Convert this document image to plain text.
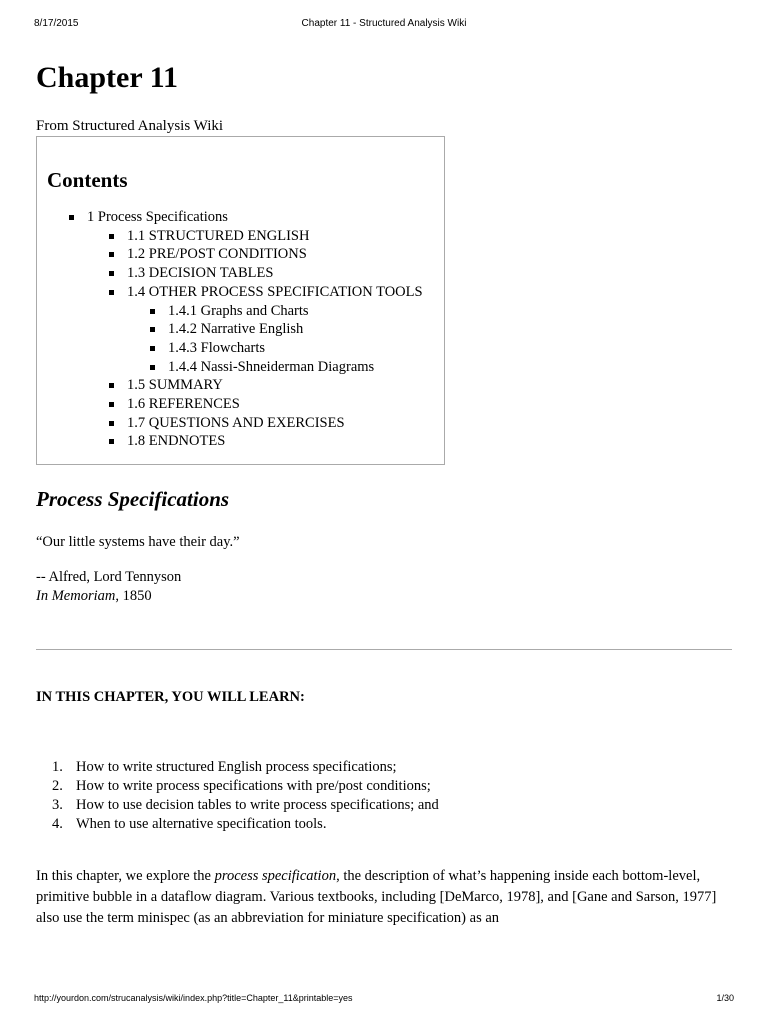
8/17/2015	Chapter 11 - Structured Analysis Wiki
Chapter 11
From Structured Analysis Wiki
Contents
1 Process Specifications
1.1 STRUCTURED ENGLISH
1.2 PRE/POST CONDITIONS
1.3 DECISION TABLES
1.4 OTHER PROCESS SPECIFICATION TOOLS
1.4.1 Graphs and Charts
1.4.2 Narrative English
1.4.3 Flowcharts
1.4.4 Nassi-Shneiderman Diagrams
1.5 SUMMARY
1.6 REFERENCES
1.7 QUESTIONS AND EXERCISES
1.8 ENDNOTES
Process Specifications

“Our little systems have their day.”

-- Alfred, Lord Tennyson
In Memoriam, 1850
IN THIS CHAPTER, YOU WILL LEARN:
1. How to write structured English process specifications;
2. How to write process specifications with pre/post conditions;
3. How to use decision tables to write process specifications; and
4. When to use alternative specification tools.

In this chapter, we explore the process specification, the description of what’s happening inside each bottom-level, primitive bubble in a dataflow diagram. Various textbooks, including [DeMarco, 1978], and [Gane and Sarson, 1977] also use the term minispec (as an abbreviation for miniature specification) as an

http://yourdon.com/strucanalysis/wiki/index.php?title=Chapter_11&printable=yes	1/30
